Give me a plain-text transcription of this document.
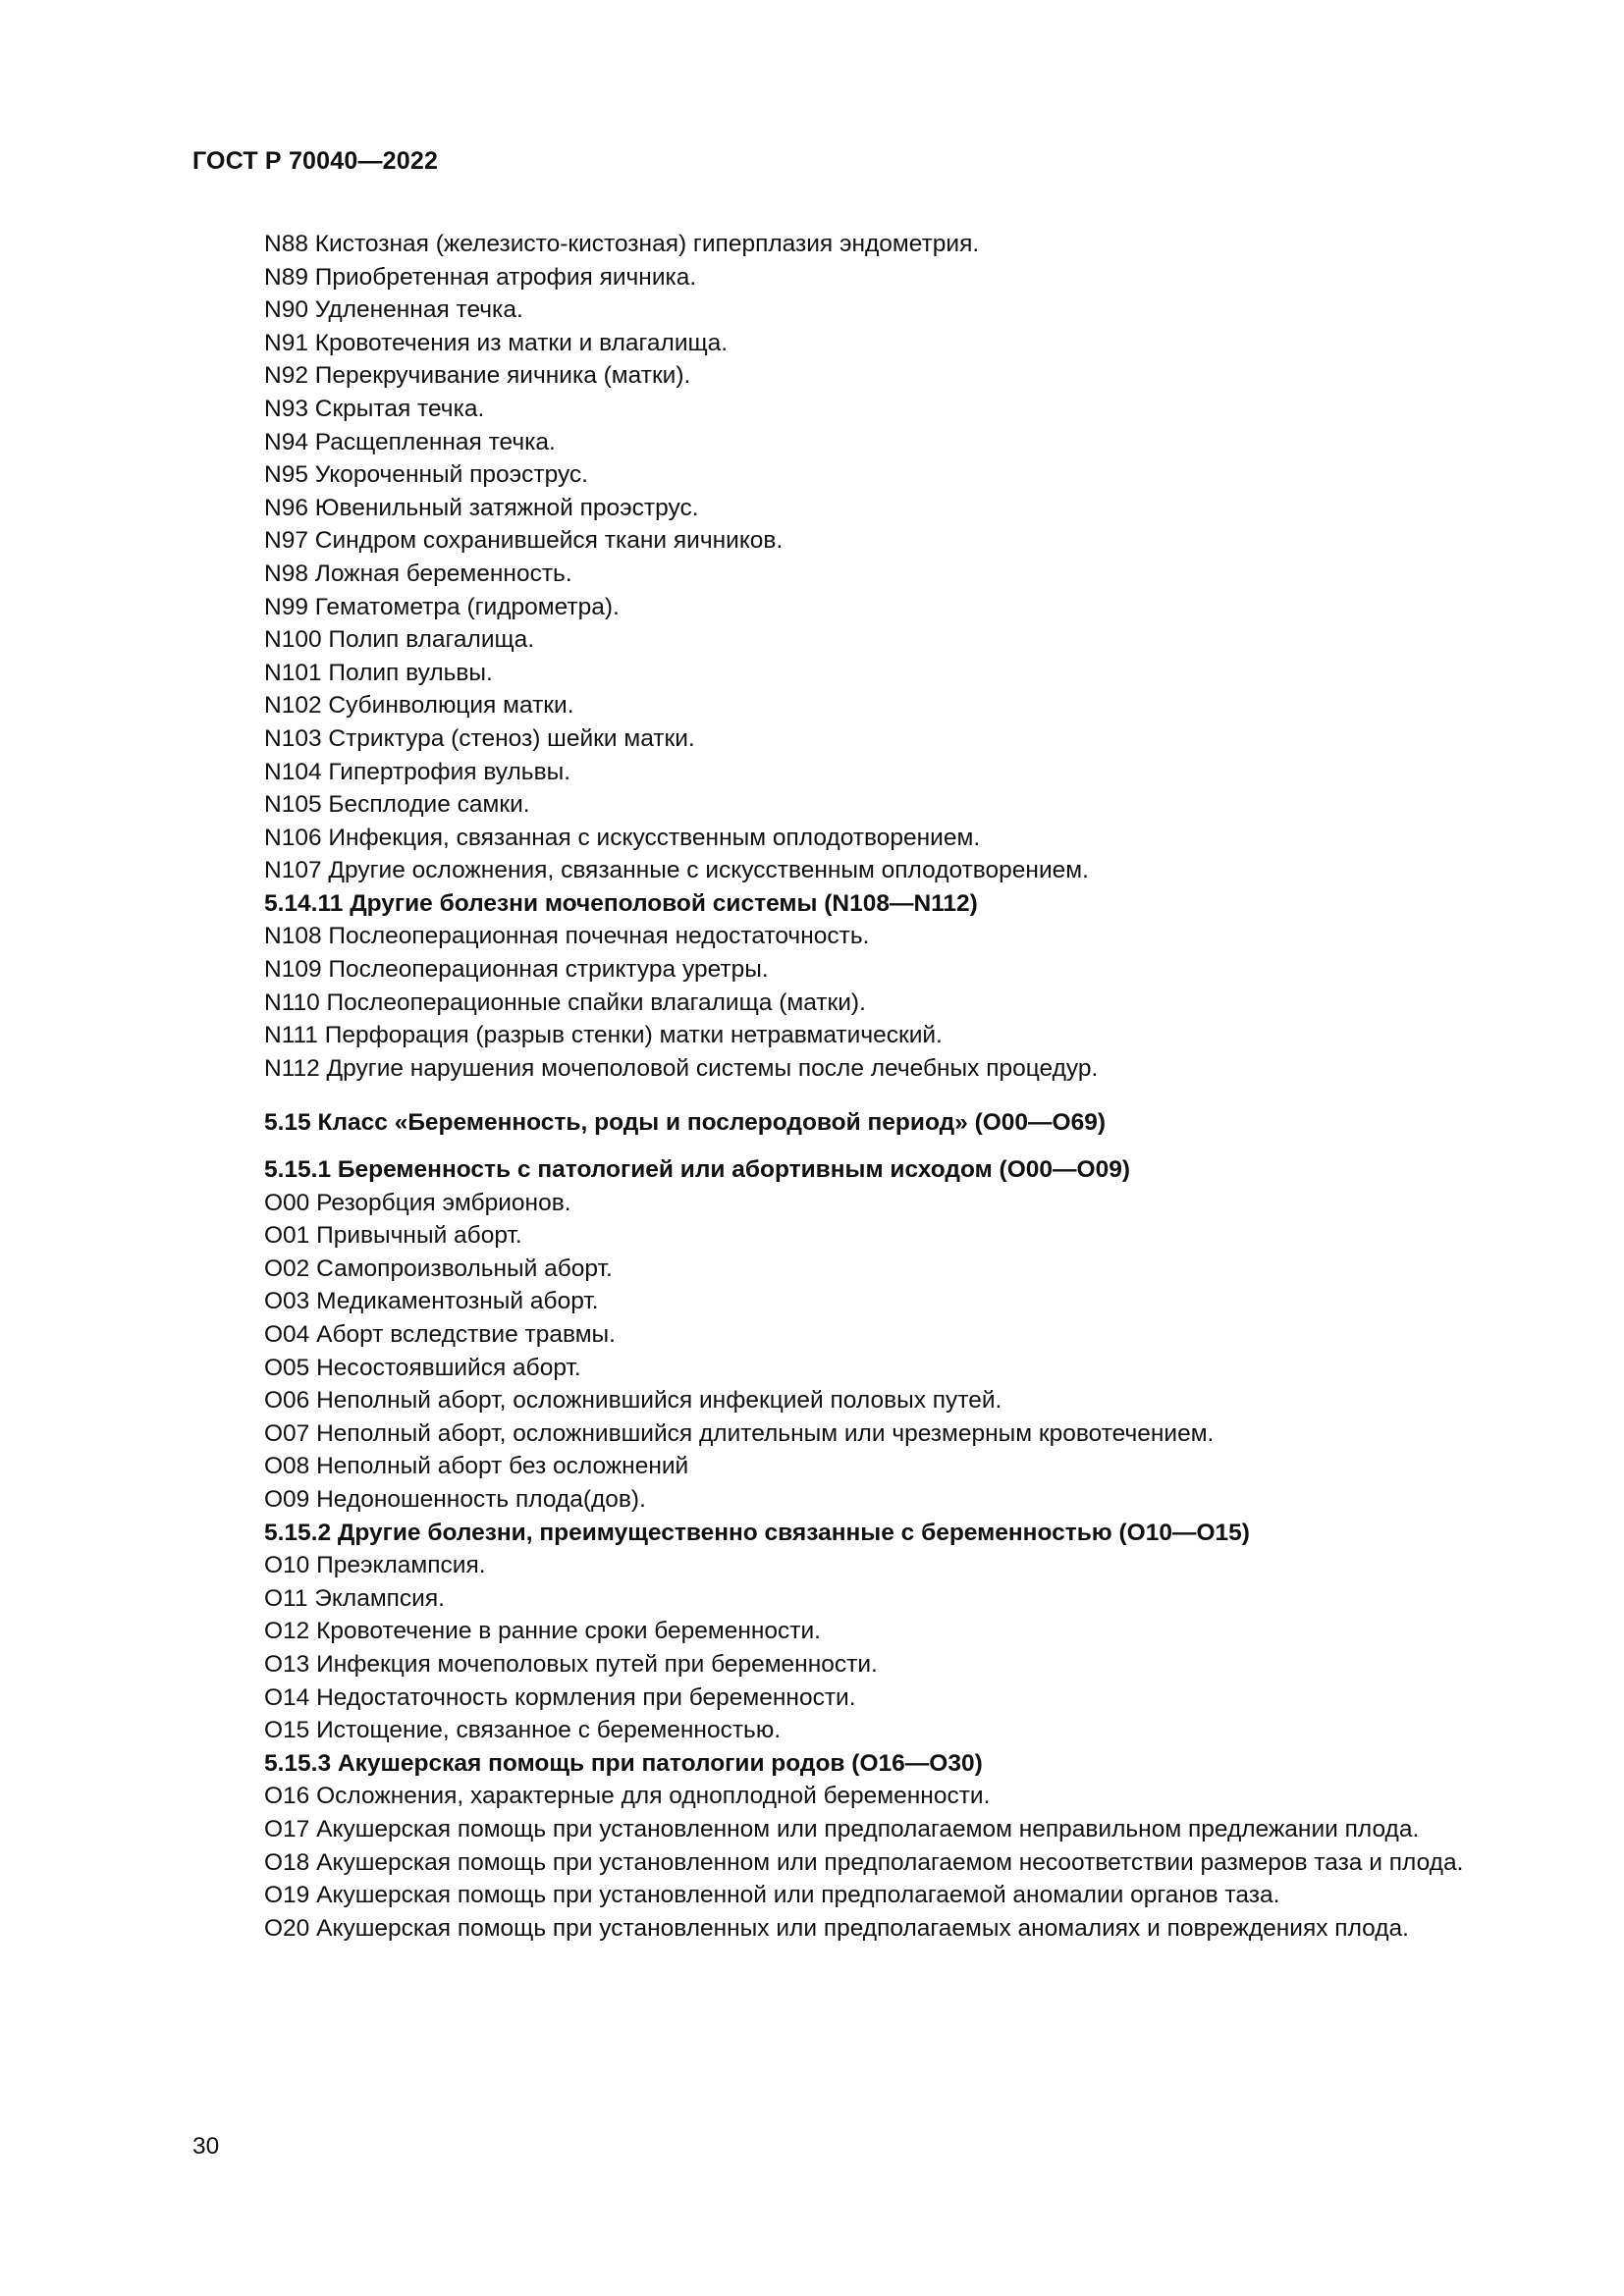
ГОСТ Р 70040—2022
N88 Кистозная (железисто-кистозная) гиперплазия эндометрия.
N89 Приобретенная атрофия яичника.
N90 Удлененная течка.
N91 Кровотечения из матки и влагалища.
N92 Перекручивание яичника (матки).
N93 Скрытая течка.
N94 Расщепленная течка.
N95 Укороченный проэструс.
N96 Ювенильный затяжной проэструс.
N97 Синдром сохранившейся ткани яичников.
N98 Ложная беременность.
N99 Гематометра (гидрометра).
N100 Полип влагалища.
N101 Полип вульвы.
N102 Субинволюция матки.
N103 Стриктура (стеноз) шейки матки.
N104 Гипертрофия вульвы.
N105 Бесплодие самки.
N106 Инфекция, связанная с искусственным оплодотворением.
N107 Другие осложнения, связанные с искусственным оплодотворением.
5.14.11 Другие болезни мочеполовой системы (N108—N112)
N108 Послеоперационная почечная недостаточность.
N109 Послеоперационная стриктура уретры.
N110 Послеоперационные спайки влагалища (матки).
N111 Перфорация (разрыв стенки) матки нетравматический.
N112 Другие нарушения мочеполовой системы после лечебных процедур.
5.15 Класс «Беременность, роды и послеродовой период» (O00—O69)
5.15.1 Беременность с патологией или абортивным исходом (O00—O09)
O00 Резорбция эмбрионов.
O01 Привычный аборт.
O02 Самопроизвольный аборт.
O03 Медикаментозный аборт.
O04 Аборт вследствие травмы.
O05 Несостоявшийся аборт.
O06 Неполный аборт, осложнившийся инфекцией половых путей.
O07 Неполный аборт, осложнившийся длительным или чрезмерным кровотечением.
O08 Неполный аборт без осложнений
O09 Недоношенность плода(дов).
5.15.2 Другие болезни, преимущественно связанные с беременностью (O10—O15)
O10 Преэклампсия.
O11 Эклампсия.
O12 Кровотечение в ранние сроки беременности.
O13 Инфекция мочеполовых путей при беременности.
O14 Недостаточность кормления при беременности.
O15 Истощение, связанное с беременностью.
5.15.3 Акушерская помощь при патологии родов (O16—O30)
O16 Осложнения, характерные для одноплодной беременности.
O17 Акушерская помощь при установленном или предполагаемом неправильном предлежании плода.
O18 Акушерская помощь при установленном или предполагаемом несоответствии размеров таза и плода.
O19 Акушерская помощь при установленной или предполагаемой аномалии органов таза.
O20 Акушерская помощь при установленных или предполагаемых аномалиях и повреждениях плода.
30
